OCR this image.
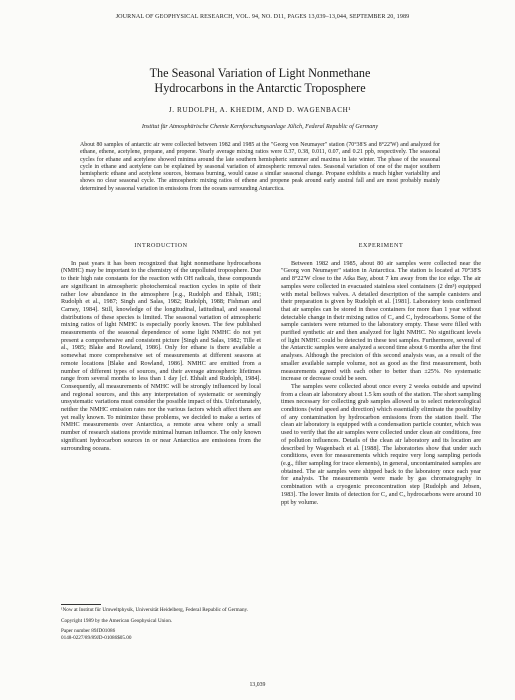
JOURNAL OF GEOPHYSICAL RESEARCH, VOL. 94, NO. D11, PAGES 13,039–13,044, SEPTEMBER 20, 1989
The Seasonal Variation of Light Nonmethane
Hydrocarbons in the Antarctic Troposphere
J. RUDOLPH, A. KHEDIM, AND D. WAGENBACH¹
Institut für Atmosphärische Chemie Kernforschungsanlage Jülich, Federal Republic of Germany
About 80 samples of antarctic air were collected between 1982 and 1985 at the "Georg von Neumayer" station (70°38'S and 8°22'W) and analyzed for ethane, ethene, acetylene, propane, and propene. Yearly average mixing ratios were 0.37, 0.38, 0.011, 0.07, and 0.21 ppb, respectively. The seasonal cycles for ethane and acetylene showed minima around the late southern hemispheric summer and maxima in late winter. The phase of the seasonal cycle in ethane and acetylene can be explained by seasonal variation of atmospheric removal rates. Seasonal variation of one of the major southern hemispheric ethane and acetylene sources, biomass burning, would cause a similar seasonal change. Propane exhibits a much higher variability and shows no clear seasonal cycle. The atmospheric mixing ratios of ethene and propene peak around early austral fall and are most probably mainly determined by seasonal variation in emissions from the oceans surrounding Antarctica.
INTRODUCTION

In past years it has been recognized that light nonmethane hydrocarbons (NMHC) may be important to the chemistry of the unpolluted troposphere. Due to their high rate constants for the reaction with OH radicals, these compounds are significant in atmospheric photochemical reaction cycles in spite of their rather low abundance in the atmosphere [e.g., Rudolph and Ehhalt, 1981; Rudolph et al., 1987; Singh and Salas, 1982; Rudolph, 1988; Fishman and Carney, 1984]. Still, knowledge of the longitudinal, latitudinal, and seasonal distributions of these species is limited. The seasonal variation of atmospheric mixing ratios of light NMHC is especially poorly known. The few published measurements of the seasonal dependence of some light NMHC do not yet present a comprehensive and consistent picture [Singh and Salas, 1982; Tille et al., 1985; Blake and Rowland, 1986]. Only for ethane is there available a somewhat more comprehensive set of measurements at different seasons at remote locations [Blake and Rowland, 1986]. NMHC are emitted from a number of different types of sources, and their average atmospheric lifetimes range from several months to less than 1 day [cf. Ehhalt and Rudolph, 1984]. Consequently, all measurements of NMHC will be strongly influenced by local and regional sources, and this any interpretation of systematic or seemingly unsystematic variations must consider the possible impact of this. Unfortunately, neither the NMHC emission rates nor the various factors which affect them are yet really known. To minimize these problems, we decided to make a series of NMHC measurements over Antarctica, a remote area where only a small number of research stations provide minimal human influence. The only known significant hydrocarbon sources in or near Antarctica are emissions from the surrounding oceans.

EXPERIMENT

Between 1982 and 1985, about 80 air samples were collected near the "Georg von Neumayer" station in Antarctica. The station is located at 70°38'S and 8°22'W close to the Atka Bay, about 7 km away from the ice edge. The air samples were collected in evacuated stainless steel containers (2 dm³) equipped with metal bellows valves. A detailed description of the sample canisters and their preparation is given by Rudolph et al. [1981]. Laboratory tests confirmed that air samples can be stored in these containers for more than 1 year without detectable change in their mixing ratios of C₂ and C₃ hydrocarbons. Some of the sample canisters were returned to the laboratory empty. These were filled with purified synthetic air and then analyzed for light NMHC. No significant levels of light NMHC could be detected in these test samples. Furthermore, several of the Antarctic samples were analyzed a second time about 6 months after the first analyses. Although the precision of this second analysis was, as a result of the smaller available sample volume, not as good as the first measurement, both measurements agreed with each other to better than ±25%. No systematic increase or decrease could be seen.

The samples were collected about once every 2 weeks outside and upwind from a clean air laboratory about 1.5 km south of the station. The short sampling times necessary for collecting grab samples allowed us to select meteorological conditions (wind speed and direction) which essentially eliminate the possibility of any contamination by hydrocarbon emissions from the station itself. The clean air laboratory is equipped with a condensation particle counter, which was used to verify that the air samples were collected under clean air conditions, free of pollution influences. Details of the clean air laboratory and its location are described by Wagenbach et al. [1988]. The laboratories show that under such conditions, even for measurements which require very long sampling periods (e.g., filter sampling for trace elements), in general, uncontaminated samples are obtained. The air samples were shipped back to the laboratory once each year for analysis. The measurements were made by gas chromatography in combination with a cryogenic preconcentration step [Rudolph and Jebsen, 1983]. The lower limits of detection for C₂ and C₃ hydrocarbons were around 10 ppt by volume.

¹Now at Institut für Umweltphysik, Universität Heidelberg, Federal Republic of Germany.

Copyright 1989 by the American Geophysical Union.

Paper number 89JD01086

0148-0227/89/89JD-01086$05.00

13,039
